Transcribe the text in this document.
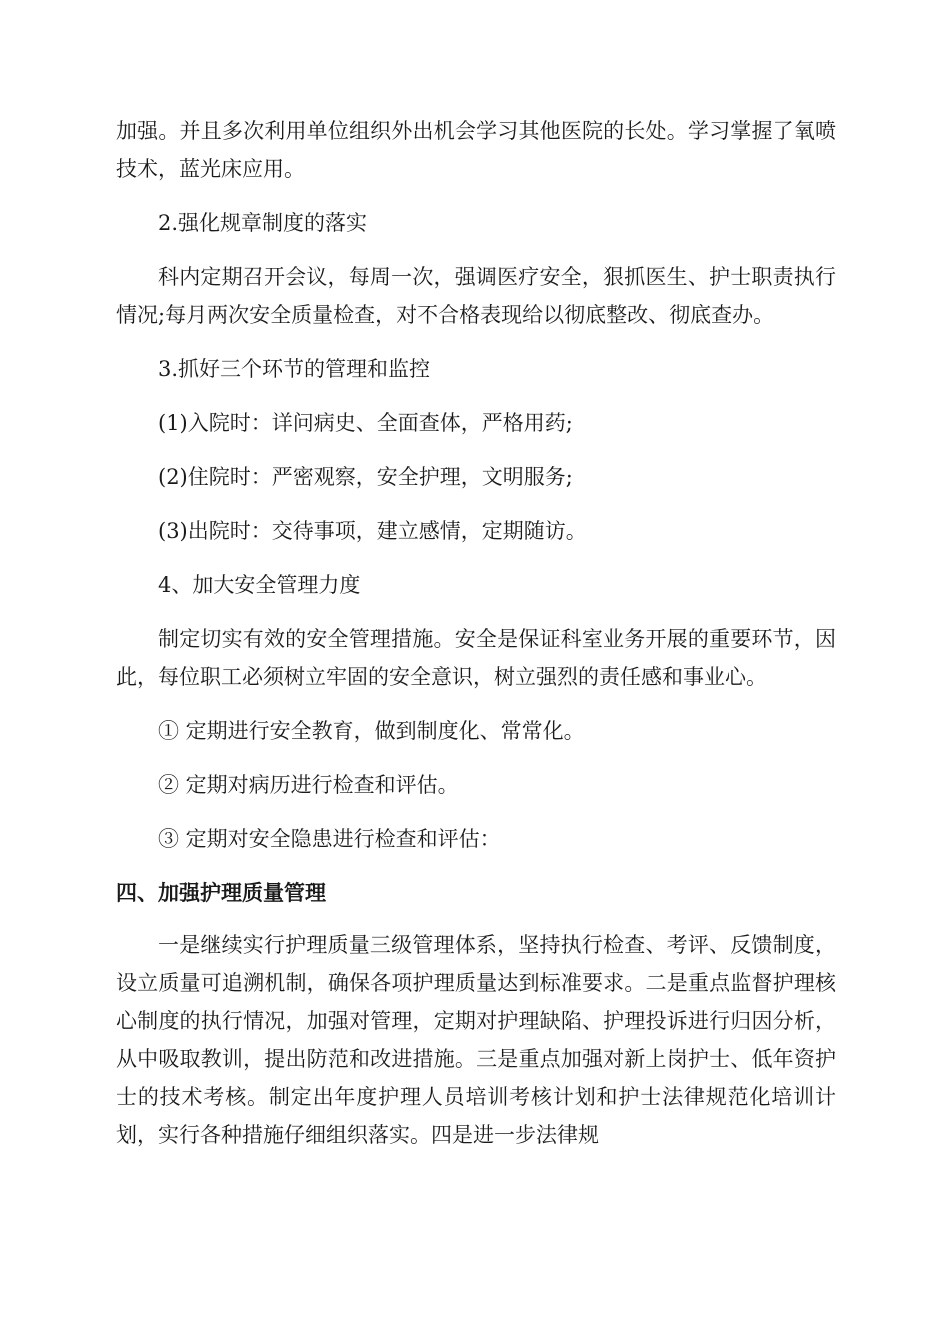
加强。并且多次利用单位组织外出机会学习其他医院的长处。学习掌握了氧喷技术，蓝光床应用。

2.强化规章制度的落实

科内定期召开会议，每周一次，强调医疗安全，狠抓医生、护士职责执行情况;每月两次安全质量检查，对不合格表现给以彻底整改、彻底查办。

3.抓好三个环节的管理和监控

(1)入院时：详问病史、全面查体，严格用药;

(2)住院时：严密观察，安全护理，文明服务;

(3)出院时：交待事项，建立感情，定期随访。

4、加大安全管理力度

制定切实有效的安全管理措施。安全是保证科室业务开展的重要环节，因此，每位职工必须树立牢固的安全意识，树立强烈的责任感和事业心。

① 定期进行安全教育，做到制度化、常常化。

② 定期对病历进行检查和评估。

③ 定期对安全隐患进行检查和评估：

四、加强护理质量管理

一是继续实行护理质量三级管理体系，坚持执行检查、考评、反馈制度，设立质量可追溯机制，确保各项护理质量达到标准要求。二是重点监督护理核心制度的执行情况，加强对管理，定期对护理缺陷、护理投诉进行归因分析，从中吸取教训，提出防范和改进措施。三是重点加强对新上岗护士、低年资护士的技术考核。制定出年度护理人员培训考核计划和护士法律规范化培训计划，实行各种措施仔细组织落实。四是进一步法律规
